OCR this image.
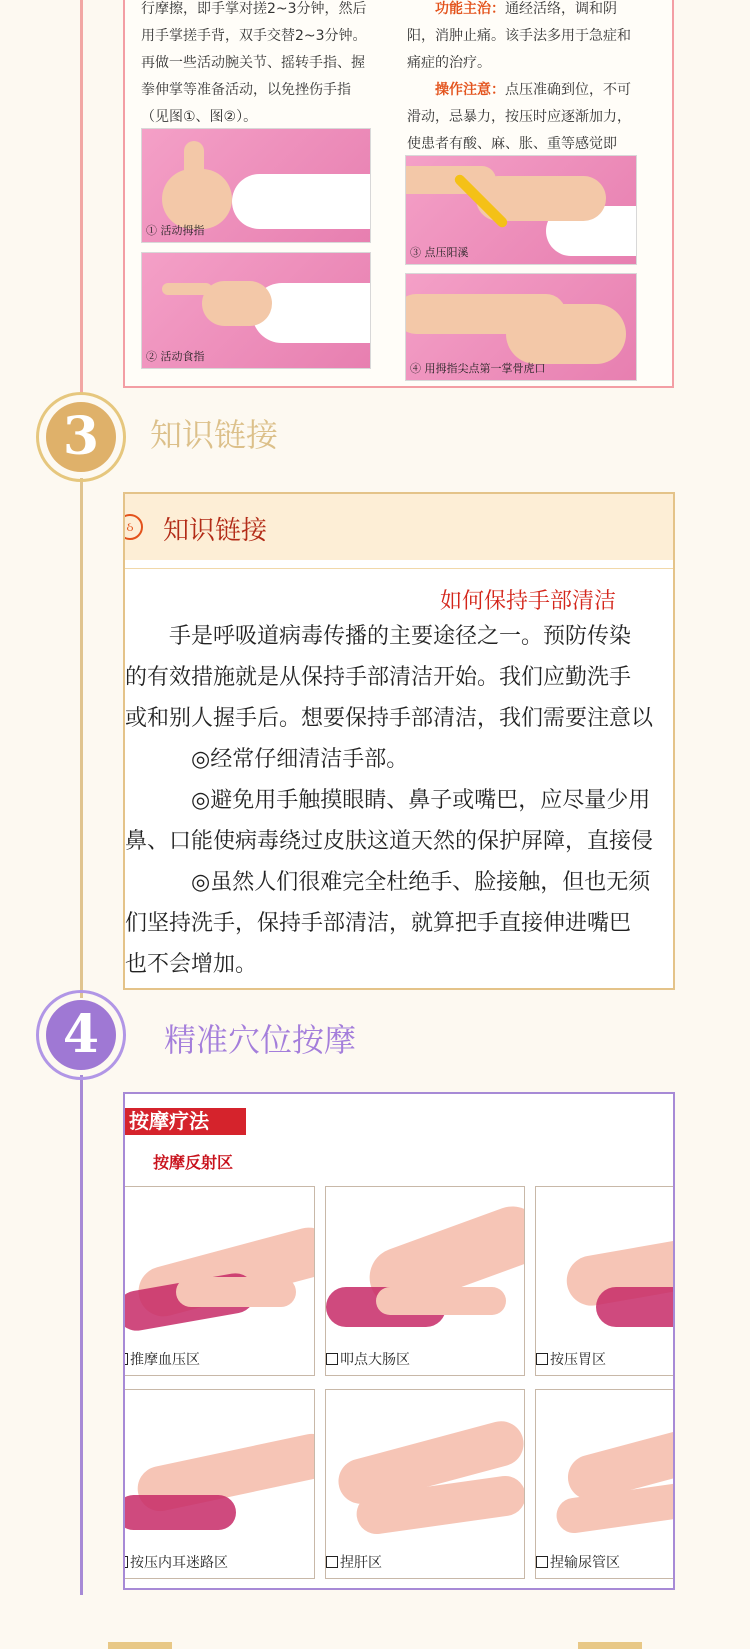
行摩擦，即手掌对搓2~3分钟，然后用手掌搓手背，双手交替2~3分钟。再做一些活动腕关节、摇转手指、握拳伸掌等准备活动，以免挫伤手指（见图①、图②）。

功能主治：通经活络，调和阴阳，消肿止痛。该手法多用于急症和痛症的治疗。

操作注意：点压准确到位，不可滑动，忌暴力，按压时应逐渐加力，使患者有酸、麻、胀、重等感觉即

① 活动拇指
② 活动食指
③ 点压阳溪
④ 用拇指尖点第一掌骨虎口
3	知识链接
ઠ	知识链接
如何保持手部清洁
　　手是呼吸道病毒传播的主要途径之一。预防传染
的有效措施就是从保持手部清洁开始。我们应勤洗手
或和别人握手后。想要保持手部清洁，我们需要注意以
　　　◎经常仔细清洁手部。
　　　◎避免用手触摸眼睛、鼻子或嘴巴，应尽量少用
鼻、口能使病毒绕过皮肤这道天然的保护屏障，直接侵
　　　◎虽然人们很难完全杜绝手、脸接触，但也无须
们坚持洗手，保持手部清洁，就算把手直接伸进嘴巴
也不会增加。
4	精准穴位按摩
按摩疗法
按摩反射区
推摩血压区	叩点大肠区	按压胃区
按压内耳迷路区	捏肝区	捏输尿管区
